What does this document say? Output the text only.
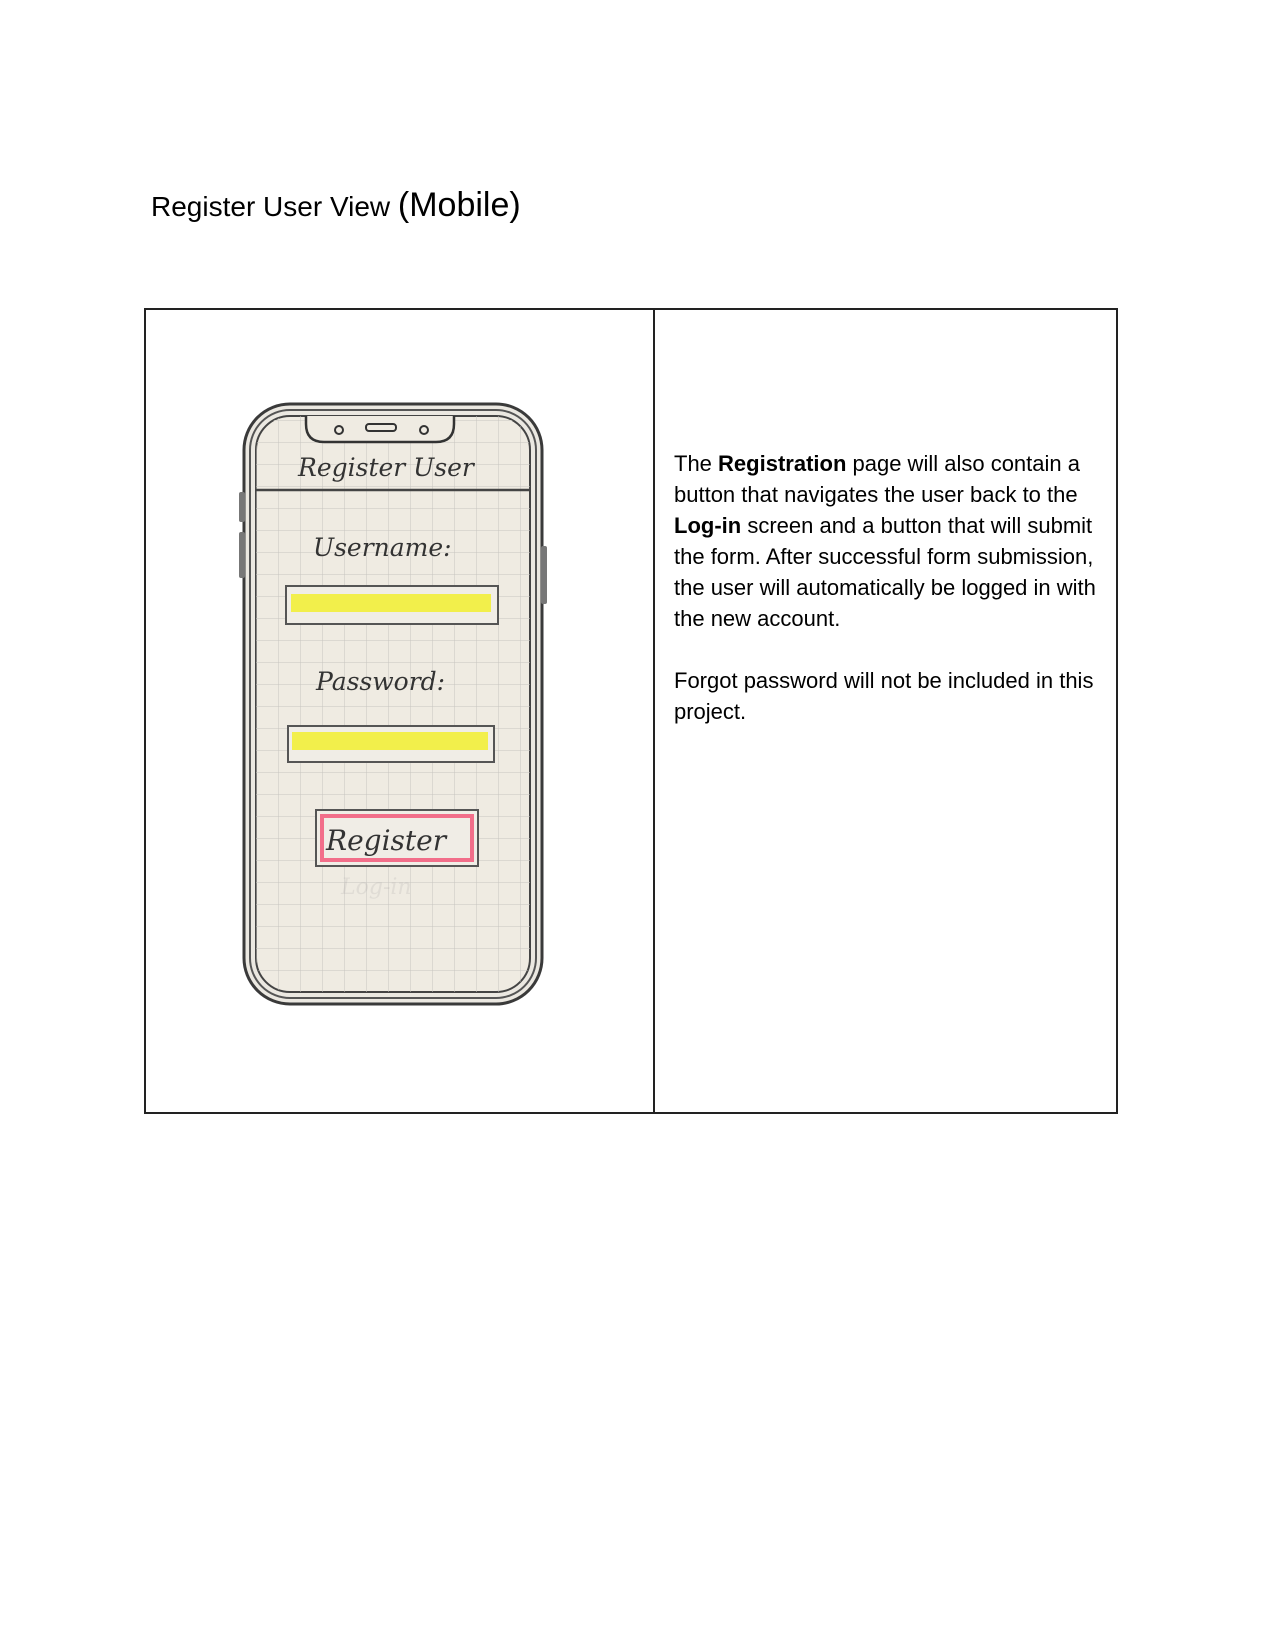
Register User View (Mobile)
Register User
Username:
Password:
Register
Log-in

The Registration page will also contain a button that navigates the user back to the Log-in screen and a button that will submit the form. After successful form submission, the user will automatically be logged in with the new account.

Forgot password will not be included in this project.
